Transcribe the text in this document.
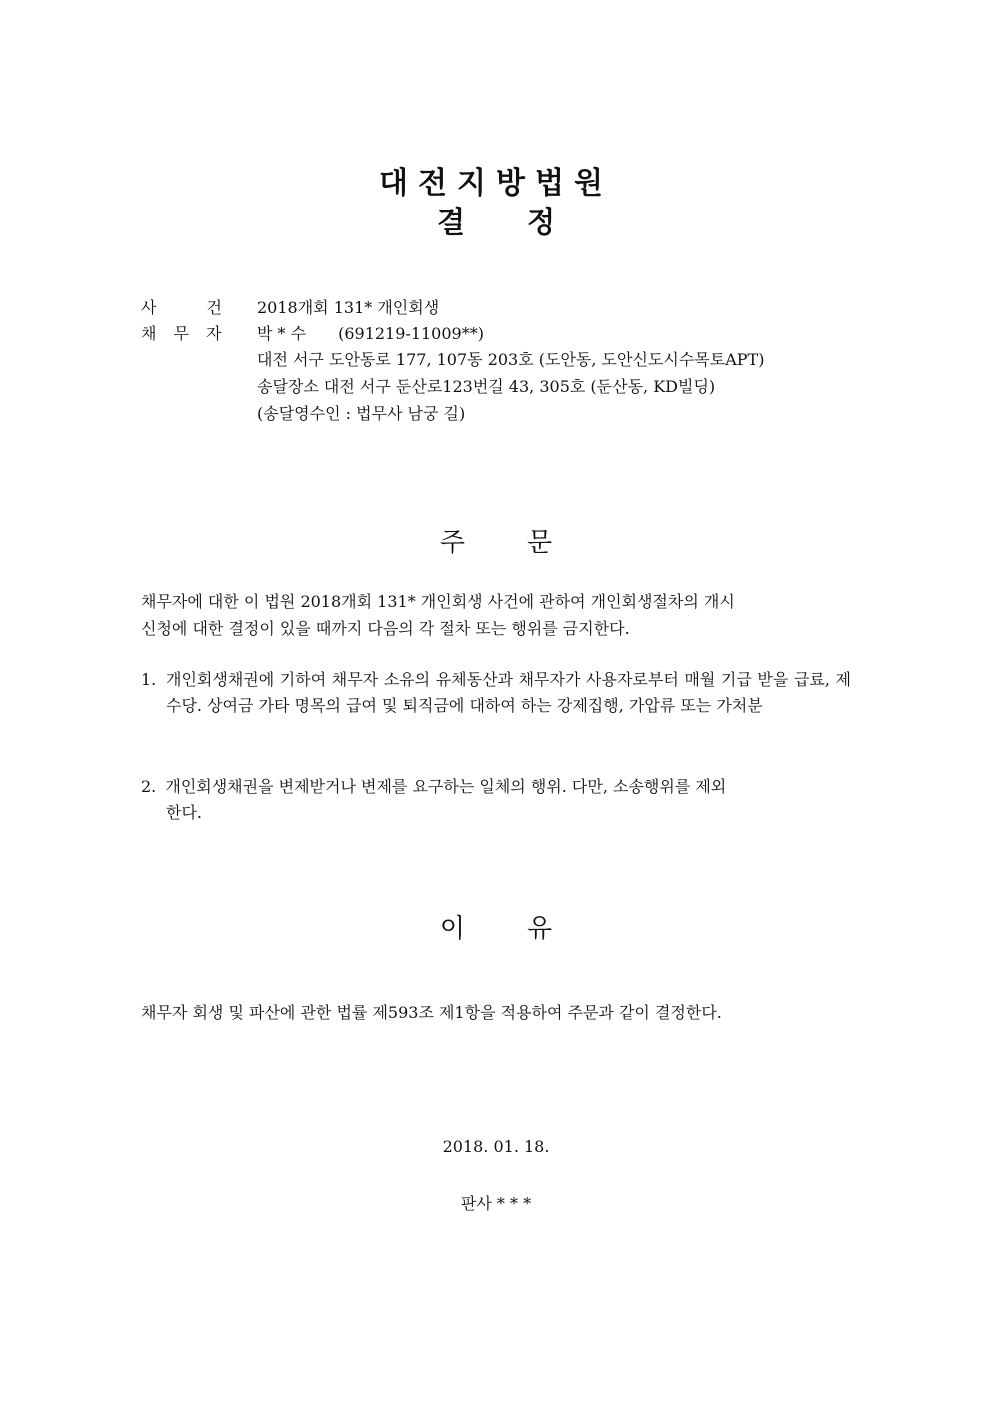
대전지방법원
결 정
사	건 2018개회 131* 개인회생
채 무 자 박 * 수 (691219-11009**)
대전 서구 도안동로 177, 107동 203호 (도안동, 도안신도시수목토APT)
송달장소 대전 서구 둔산로123번길 43, 305호 (둔산동, KD빌딩)
(송달영수인 : 법무사 남궁 길)
주 문
채무자에 대한 이 법원 2018개회 131* 개인회생 사건에 관하여 개인회생절차의 개시
신청에 대한 결정이 있을 때까지 다음의 각 절차 또는 행위를 금지한다.
1. 개인회생채권에 기하여 채무자 소유의 유체동산과 채무자가 사용자로부터 매월 기급 받을 급료, 제수당. 상여금 가타 명목의 급여 및 퇴직금에 대하여 하는 강제집행, 가압류 또는 가처분
2. 개인회생채권을 변제받거나 변제를 요구하는 일체의 행위. 다만, 소송행위를 제외
한다.
이 유
채무자 회생 및 파산에 관한 법률 제593조 제1항을 적용하여 주문과 같이 결정한다.
2018. 01. 18.
판사 * * *
